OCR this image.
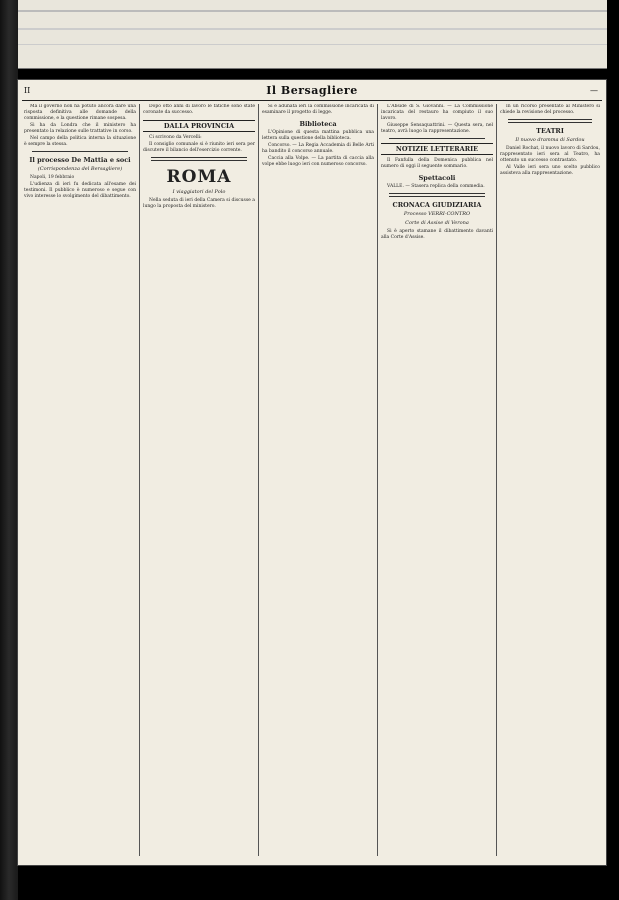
II	Il Bersagliere	—

Ma il governo non ha potuto ancora dare una risposta definitiva alle domande della commissione, e la questione rimane sospesa.

Si ha da Londra che il ministero ha presentato la relazione sulle trattative in corso.

Nel campo della politica interna la situazione è sempre la stessa.

Il processo De Mattia e soci
(Corrispondenza del Bersagliere)

Napoli, 19 febbraio

L'udienza di ieri fu dedicata all'esame dei testimoni. Il pubblico è numeroso e segue con vivo interesse lo svolgimento del dibattimento.

Dopo otto anni di lavoro le fatiche sono state coronate da successo.

DALLA PROVINCIA

Ci scrivono da Vercelli:

Il consiglio comunale si è riunito ieri sera per discutere il bilancio dell'esercizio corrente.

ROMA
I viaggiatori del Polo

Nella seduta di ieri della Camera si discusse a lungo la proposta del ministero.

Si è adunata ieri la commissione incaricata di esaminare il progetto di legge.

Biblioteca

L'Opinione di questa mattina pubblica una lettera sulla questione della biblioteca.

Concorso. — La Regia Accademia di Belle Arti ha bandito il concorso annuale.

Caccia alla Volpe. — La partita di caccia alla volpe ebbe luogo ieri con numeroso concorso.

L'Abside di S. Giovanni. — La Commissione incaricata del restauro ha compiuto il suo lavoro.

Giuseppe Sensaquattrini. — Questa sera, nel teatro, avrà luogo la rappresentazione.

NOTIZIE LETTERARIE

Il Fanfulla della Domenica pubblica nel numero di oggi il seguente sommario.

Spettacoli

VALLE. — Stasera replica della commedia.

CRONACA GIUDIZIARIA
Processo VERRI-CONTRO
Corte di Assise di Verona

Si è aperto stamane il dibattimento davanti alla Corte d'Assise.

In un ricorso presentato al Ministero si chiede la revisione del processo.

TEATRI
Il nuovo dramma di Sardou

Daniel Rochat, il nuovo lavoro di Sardou, rappresentato ieri sera al Teatro, ha ottenuto un successo contrastato.

Al Valle ieri sera uno scelto pubblico assisteva alla rappresentazione.
